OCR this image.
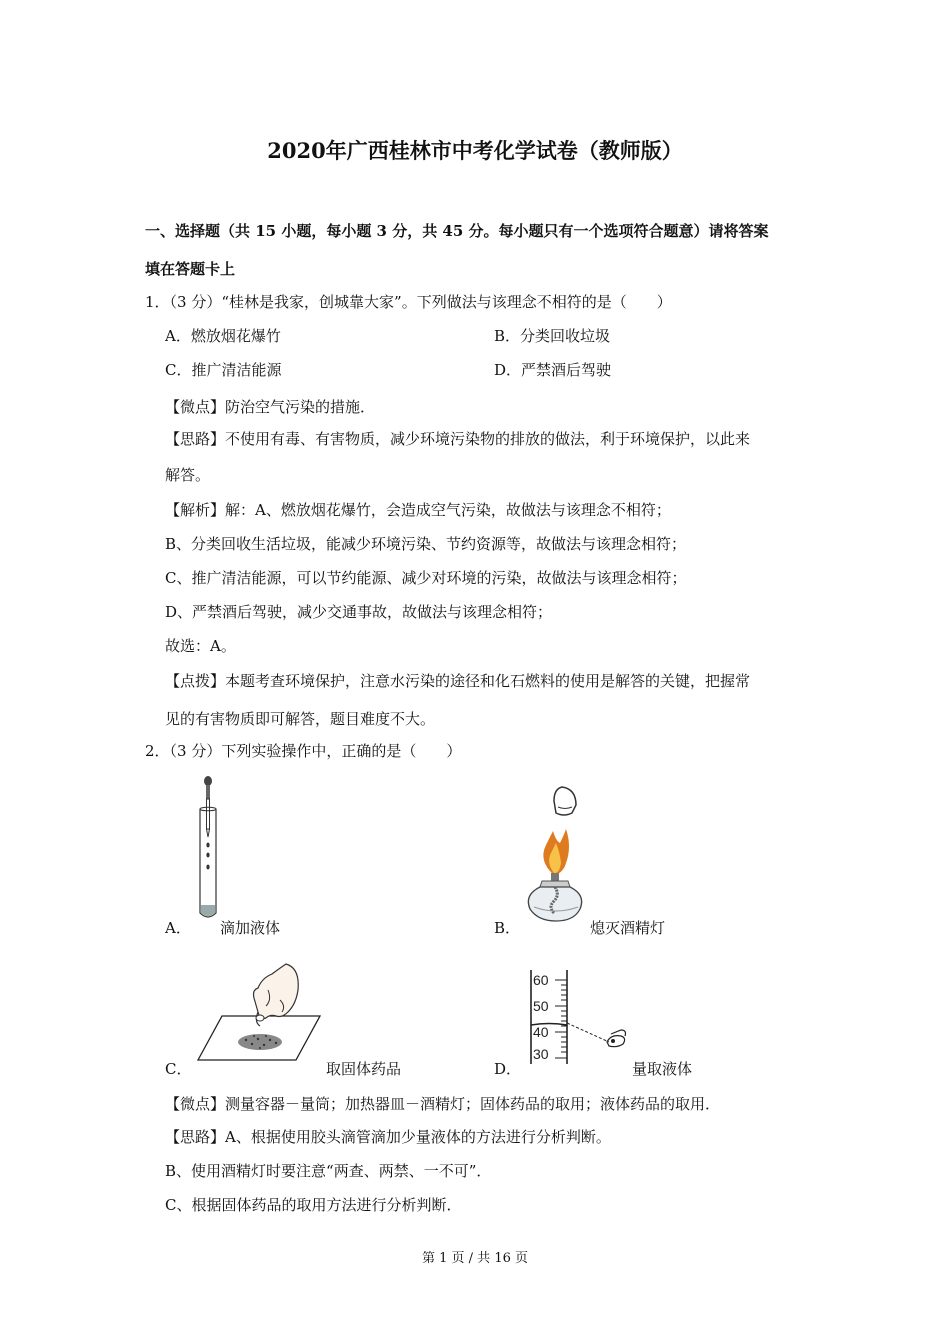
2020年广西桂林市中考化学试卷（教师版）
一、选择题（共 15 小题，每小题 3 分，共 45 分。每小题只有一个选项符合题意）请将答案
填在答题卡上
1．（3 分）“桂林是我家，创城靠大家”。下列做法与该理念不相符的是（　　）
A．燃放烟花爆竹	B．分类回收垃圾
C．推广清洁能源	D．严禁酒后驾驶
【微点】防治空气污染的措施．
【思路】不使用有毒、有害物质，减少环境污染物的排放的做法，利于环境保护，以此来
解答。
【解析】解：A、燃放烟花爆竹，会造成空气污染，故做法与该理念不相符；
B、分类回收生活垃圾，能减少环境污染、节约资源等，故做法与该理念相符；
C、推广清洁能源，可以节约能源、减少对环境的污染，故做法与该理念相符；
D、严禁酒后驾驶，减少交通事故，故做法与该理念相符；
故选：A。
【点拨】本题考查环境保护，注意水污染的途径和化石燃料的使用是解答的关键，把握常
见的有害物质即可解答，题目难度不大。
2．（3 分）下列实验操作中，正确的是（　　）
A． 滴加液体	B．	熄灭酒精灯
C．	取固体药品
60
50
40
30
D．	量取液体
【微点】测量容器－量筒；加热器皿－酒精灯；固体药品的取用；液体药品的取用．
【思路】A、根据使用胶头滴管滴加少量液体的方法进行分析判断。
B、使用酒精灯时要注意“两查、两禁、一不可”．
C、根据固体药品的取用方法进行分析判断．
第 1 页 / 共 16 页
